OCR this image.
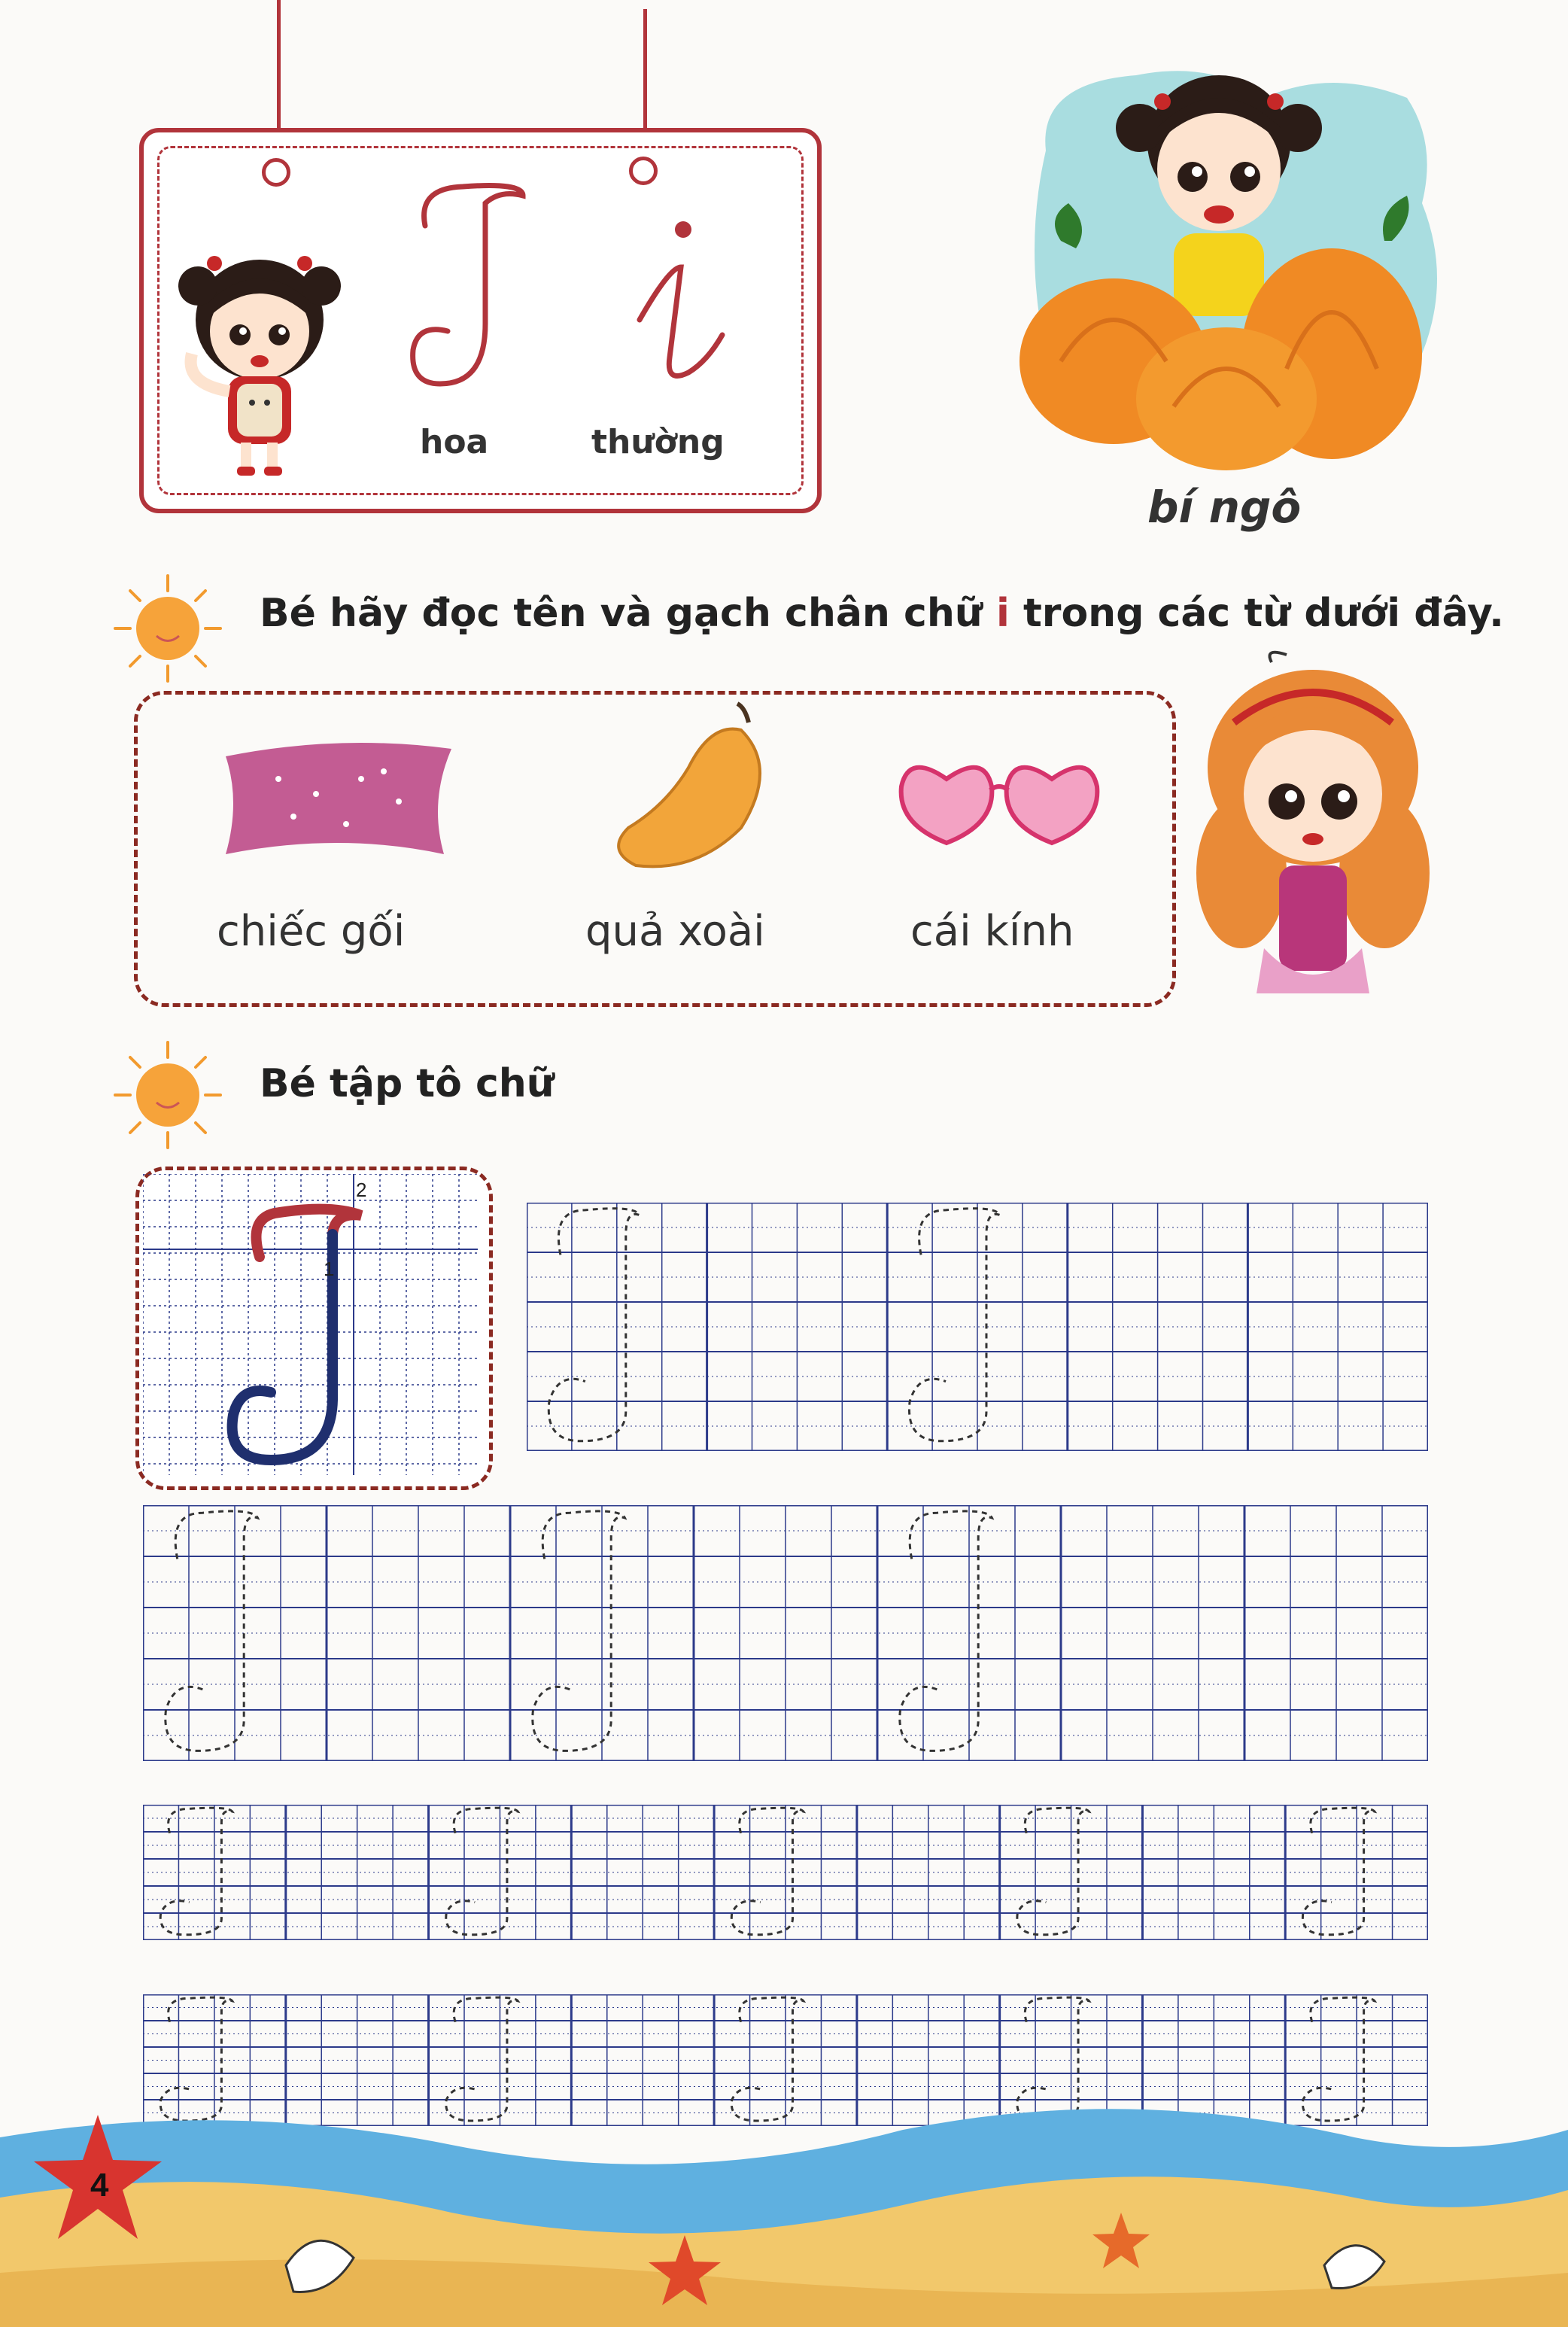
hoa	thường
bí ngô
Bé hãy đọc tên và gạch chân chữ i trong các từ dưới đây.
chiếc gối	quả xoài	cái kính
Bé tập tô chữ
2
1
4
